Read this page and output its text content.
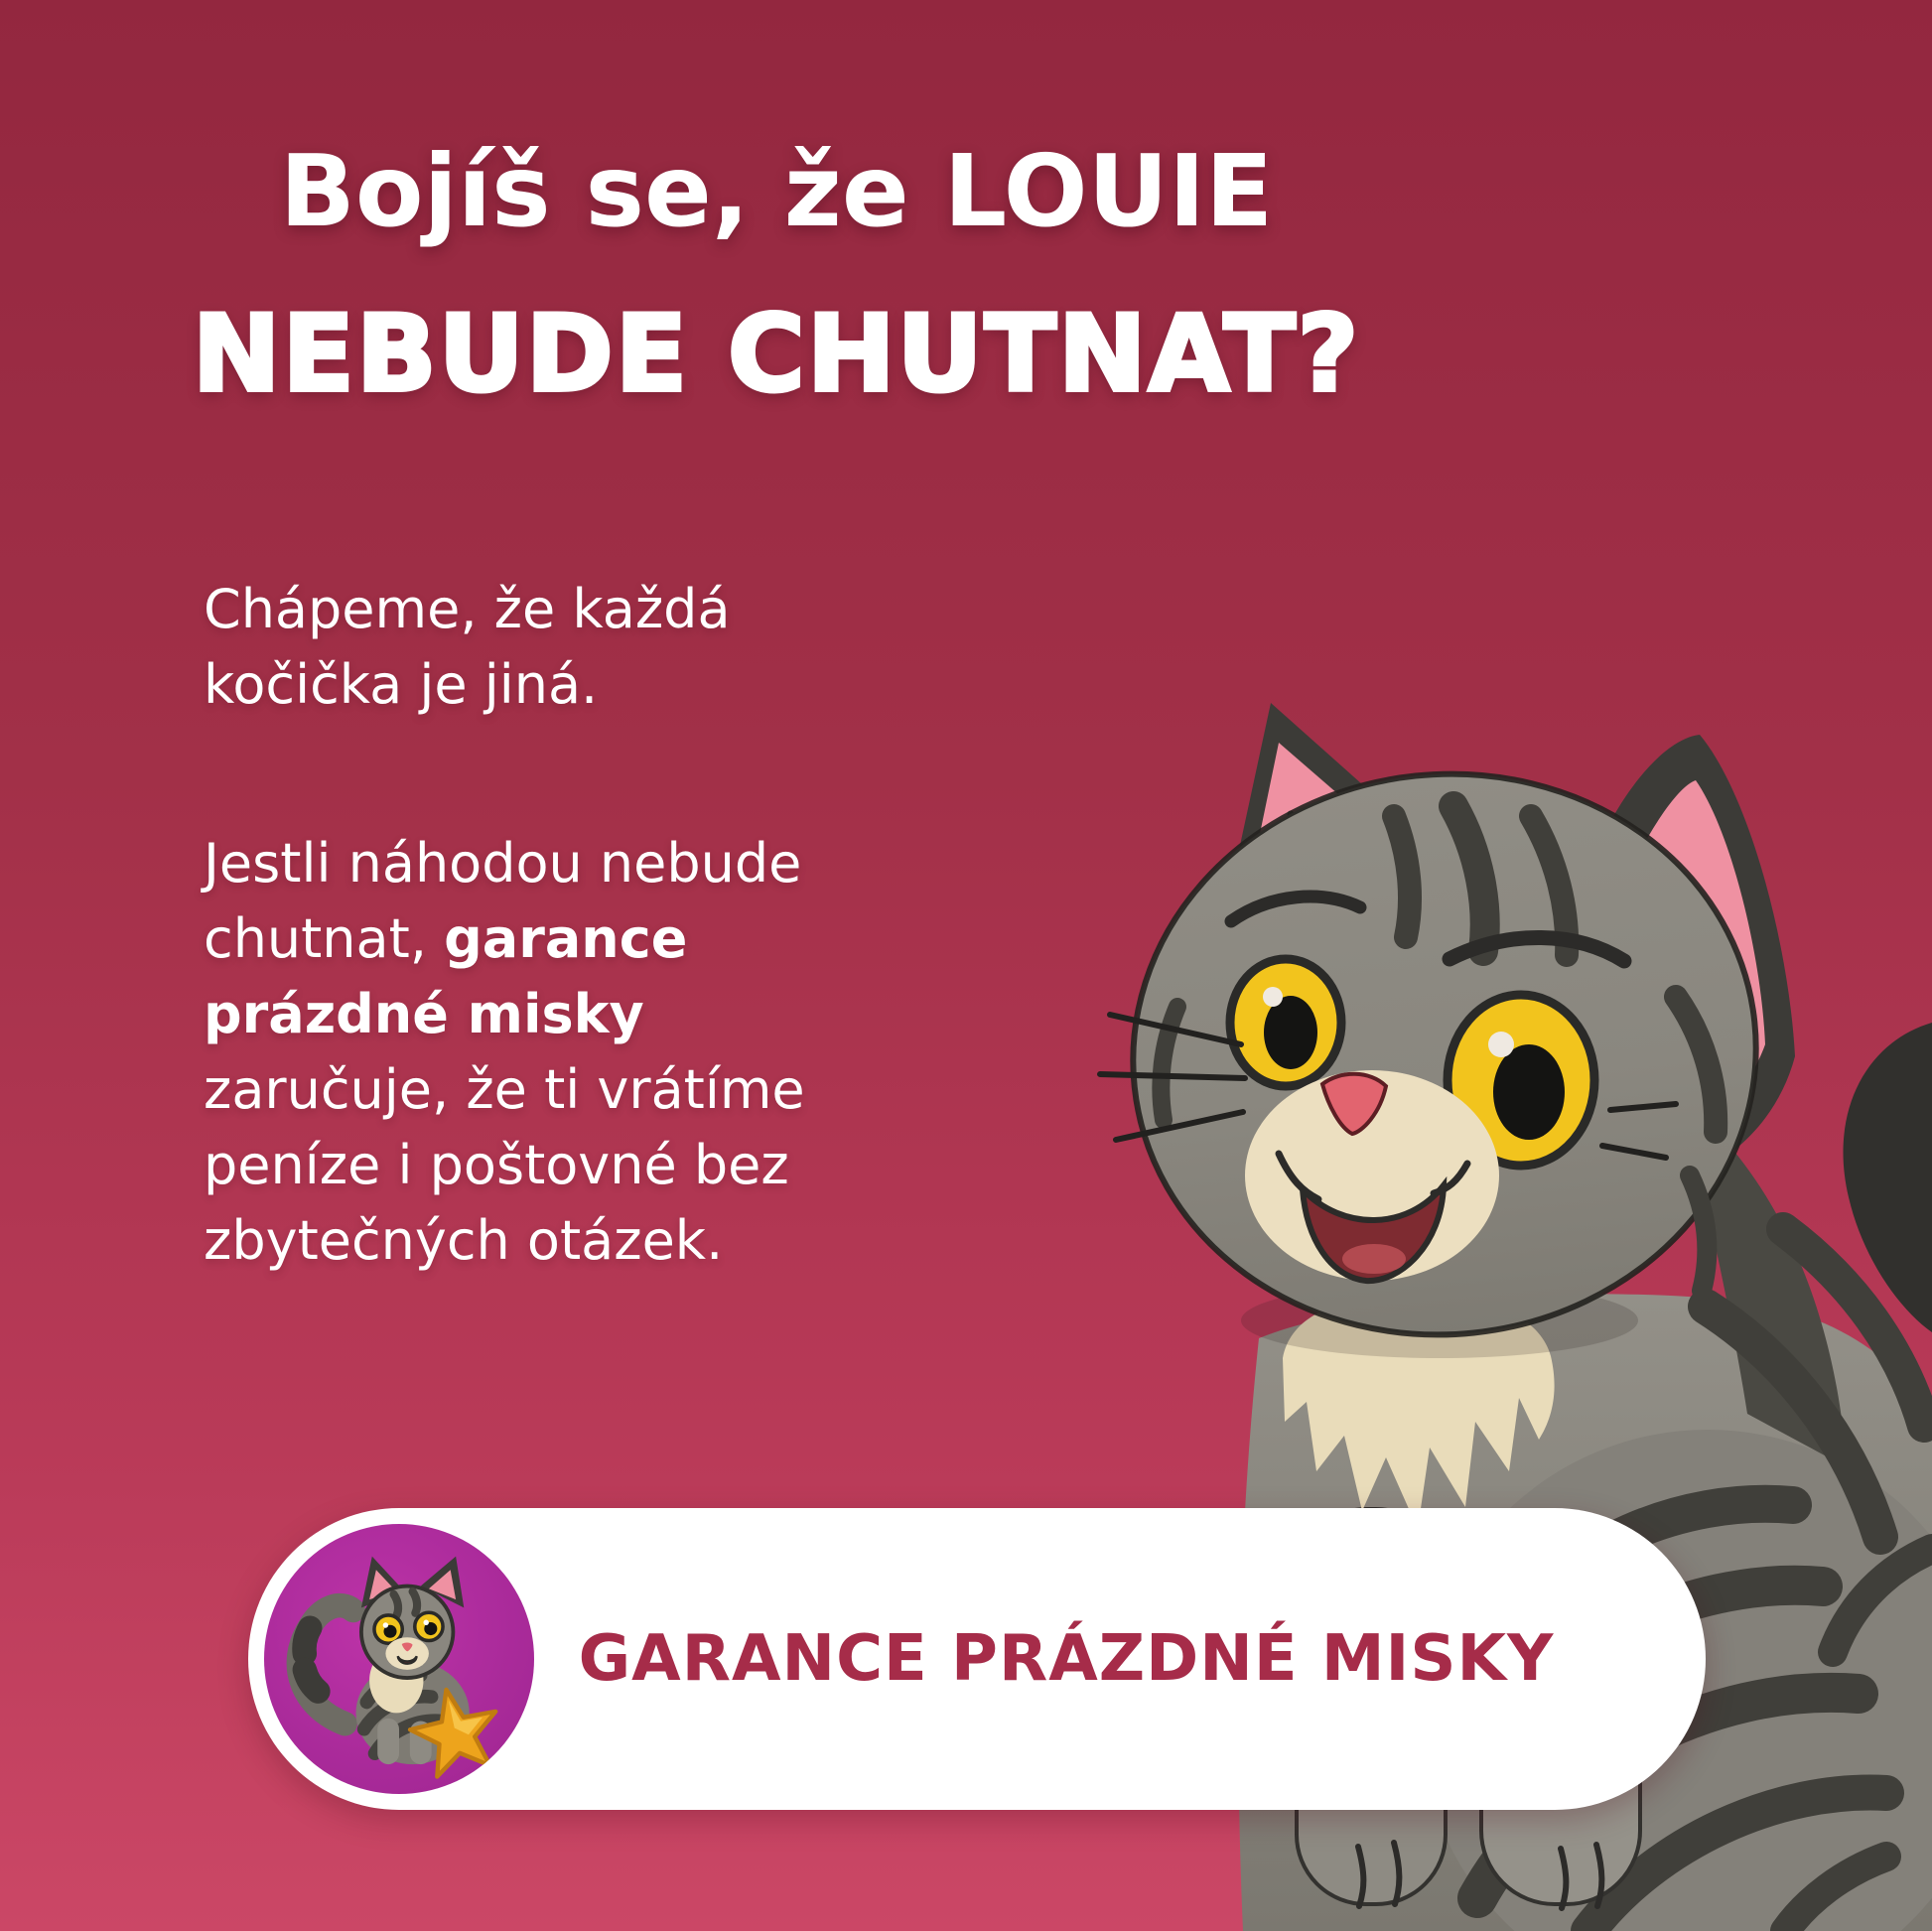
Bojíš se, že LOUIE
NEBUDE CHUTNAT?
Chápeme, že každá
kočička je jiná.
Jestli náhodou nebude
chutnat, garance
prázdné misky
zaručuje, že ti vrátíme
peníze i poštovné bez
zbytečných otázek.
GARANCE PRÁZDNÉ MISKY
